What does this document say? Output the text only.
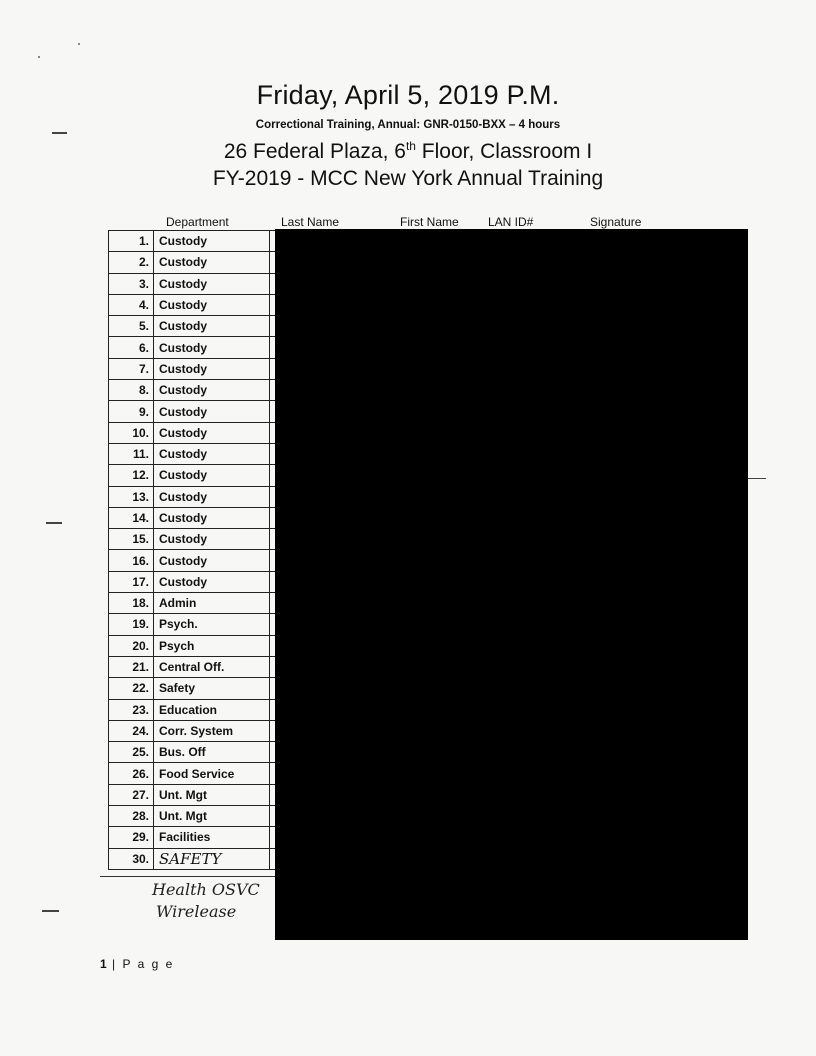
Friday, April 5, 2019 P.M.
Correctional Training, Annual: GNR-0150-BXX – 4 hours
26 Federal Plaza, 6th Floor, Classroom I
FY-2019 - MCC New York Annual Training
Department	Last Name	First Name LAN ID#	Signature
1.	Custody	
2.	Custody	
3.	Custody	
4.	Custody	
5.	Custody	
6.	Custody	
7.	Custody	
8.	Custody	
9.	Custody	
10.	Custody	
11.	Custody	
12.	Custody	
13.	Custody	
14.	Custody	
15.	Custody	
16.	Custody	
17.	Custody	
18.	Admin	
19.	Psych.	
20.	Psych	
21.	Central Off.	
22.	Safety	
23.	Education	
24.	Corr. System	
25.	Bus. Off	
26.	Food Service	
27.	Unt. Mgt	
28.	Unt. Mgt	
29.	Facilities	
30.	SAFETY	
Health OSVC
Wirelease
1 | P a g e
